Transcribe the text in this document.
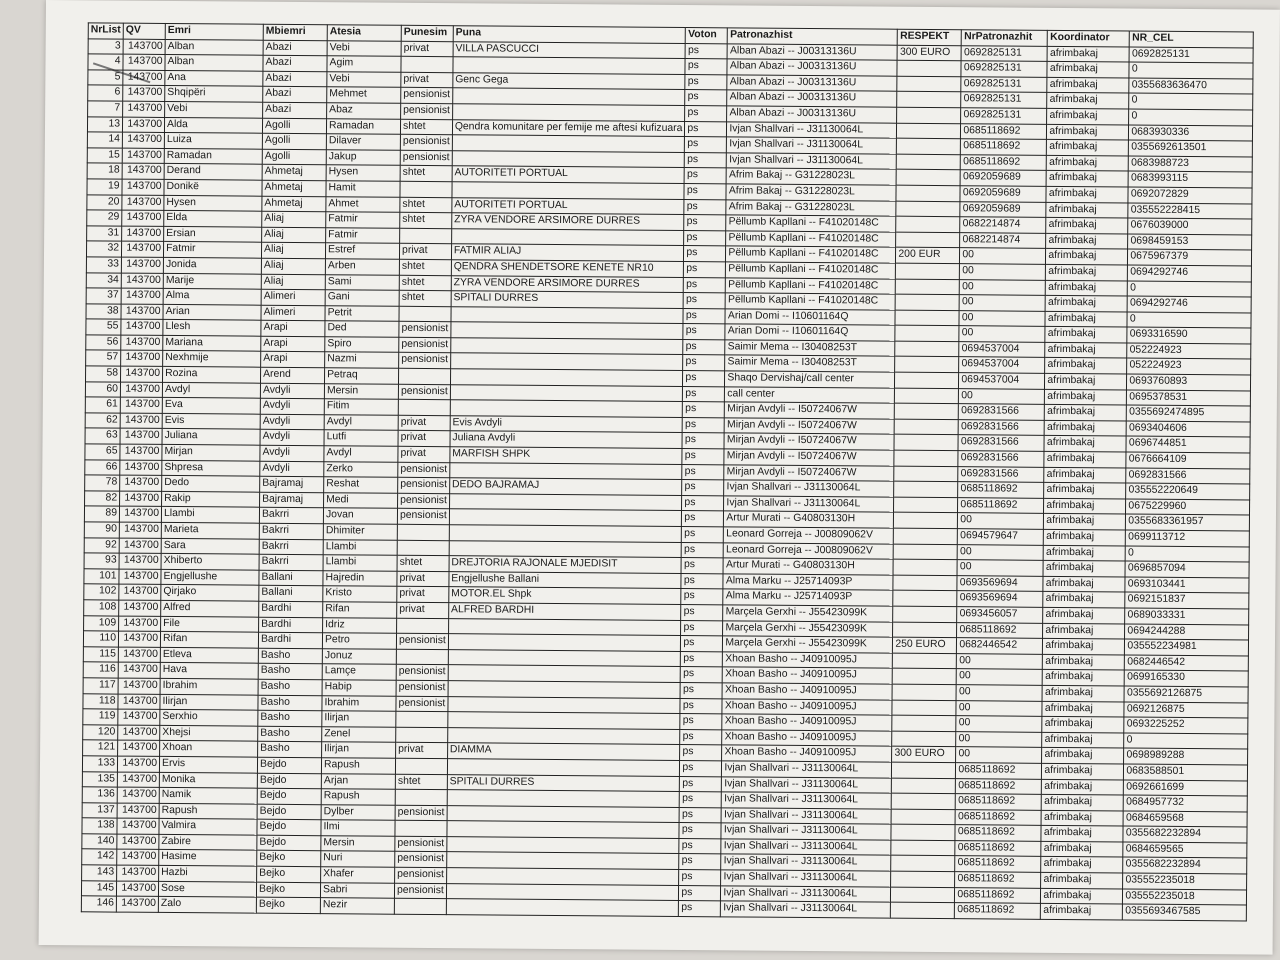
NrList	QV	Emri	Mbiemri	Atesia	Punesim	Puna	Voton	Patronazhist	RESPEKT	NrPatronazhit	Koordinator	NR_CEL
3	143700	Alban	Abazi	Vebi	privat	VILLA PASCUCCI	ps	Alban Abazi -- J00313136U	300 EURO	0692825131	afrimbakaj	0692825131
4	143700	Alban	Abazi	Agim			ps	Alban Abazi -- J00313136U		0692825131	afrimbakaj	0
5	143700	Ana	Abazi	Vebi	privat	Genc Gega	ps	Alban Abazi -- J00313136U		0692825131	afrimbakaj	0355683636470
6	143700	Shqipëri	Abazi	Mehmet	pensionist		ps	Alban Abazi -- J00313136U		0692825131	afrimbakaj	0
7	143700	Vebi	Abazi	Abaz	pensionist		ps	Alban Abazi -- J00313136U		0692825131	afrimbakaj	0
13	143700	Alda	Agolli	Ramadan	shtet	Qendra komunitare per femije me aftesi kufizuara	ps	Ivjan Shallvari -- J31130064L		0685118692	afrimbakaj	0683930336
14	143700	Luiza	Agolli	Dilaver	pensionist		ps	Ivjan Shallvari -- J31130064L		0685118692	afrimbakaj	0355692613501
15	143700	Ramadan	Agolli	Jakup	pensionist		ps	Ivjan Shallvari -- J31130064L		0685118692	afrimbakaj	0683988723
18	143700	Derand	Ahmetaj	Hysen	shtet	AUTORITETI PORTUAL	ps	Afrim Bakaj -- G31228023L		0692059689	afrimbakaj	0683993115
19	143700	Donikë	Ahmetaj	Hamit			ps	Afrim Bakaj -- G31228023L		0692059689	afrimbakaj	0692072829
20	143700	Hysen	Ahmetaj	Ahmet	shtet	AUTORITETI PORTUAL	ps	Afrim Bakaj -- G31228023L		0692059689	afrimbakaj	035552228415
29	143700	Elda	Aliaj	Fatmir	shtet	ZYRA VENDORE ARSIMORE DURRES	ps	Pëllumb Kapllani -- F41020148C		0682214874	afrimbakaj	0676039000
31	143700	Ersian	Aliaj	Fatmir			ps	Pëllumb Kapllani -- F41020148C		0682214874	afrimbakaj	0698459153
32	143700	Fatmir	Aliaj	Estref	privat	FATMIR ALIAJ	ps	Pëllumb Kapllani -- F41020148C	200 EUR	00	afrimbakaj	0675967379
33	143700	Jonida	Aliaj	Arben	shtet	QENDRA SHENDETSORE KENETE NR10	ps	Pëllumb Kapllani -- F41020148C		00	afrimbakaj	0694292746
34	143700	Marije	Aliaj	Sami	shtet	ZYRA VENDORE ARSIMORE DURRES	ps	Pëllumb Kapllani -- F41020148C		00	afrimbakaj	0
37	143700	Alma	Alimeri	Gani	shtet	SPITALI DURRES	ps	Pëllumb Kapllani -- F41020148C		00	afrimbakaj	0694292746
38	143700	Arian	Alimeri	Petrit			ps	Arian Domi -- I10601164Q		00	afrimbakaj	0
55	143700	Llesh	Arapi	Ded	pensionist		ps	Arian Domi -- I10601164Q		00	afrimbakaj	0693316590
56	143700	Mariana	Arapi	Spiro	pensionist		ps	Saimir Mema -- I30408253T		0694537004	afrimbakaj	052224923
57	143700	Nexhmije	Arapi	Nazmi	pensionist		ps	Saimir Mema -- I30408253T		0694537004	afrimbakaj	052224923
58	143700	Rozina	Arend	Petraq			ps	Shaqo Dervishaj/call center		0694537004	afrimbakaj	0693760893
60	143700	Avdyl	Avdyli	Mersin	pensionist		ps	call center		00	afrimbakaj	0695378531
61	143700	Eva	Avdyli	Fitim			ps	Mirjan Avdyli -- I50724067W		0692831566	afrimbakaj	0355692474895
62	143700	Evis	Avdyli	Avdyl	privat	Evis Avdyli	ps	Mirjan Avdyli -- I50724067W		0692831566	afrimbakaj	0693404606
63	143700	Juliana	Avdyli	Lutfi	privat	Juliana Avdyli	ps	Mirjan Avdyli -- I50724067W		0692831566	afrimbakaj	0696744851
65	143700	Mirjan	Avdyli	Avdyl	privat	MARFISH SHPK	ps	Mirjan Avdyli -- I50724067W		0692831566	afrimbakaj	0676664109
66	143700	Shpresa	Avdyli	Zerko	pensionist		ps	Mirjan Avdyli -- I50724067W		0692831566	afrimbakaj	0692831566
78	143700	Dedo	Bajramaj	Reshat	pensionist	DEDO BAJRAMAJ	ps	Ivjan Shallvari -- J31130064L		0685118692	afrimbakaj	035552220649
82	143700	Rakip	Bajramaj	Medi	pensionist		ps	Ivjan Shallvari -- J31130064L		0685118692	afrimbakaj	0675229960
89	143700	Llambi	Bakrri	Jovan	pensionist		ps	Artur Murati -- G40803130H		00	afrimbakaj	0355683361957
90	143700	Marieta	Bakrri	Dhimiter			ps	Leonard Gorreja -- J00809062V		0694579647	afrimbakaj	0699113712
92	143700	Sara	Bakrri	Llambi			ps	Leonard Gorreja -- J00809062V		00	afrimbakaj	0
93	143700	Xhiberto	Bakrri	Llambi	shtet	DREJTORIA RAJONALE MJEDISIT	ps	Artur Murati -- G40803130H		00	afrimbakaj	0696857094
101	143700	Engjellushe	Ballani	Hajredin	privat	Engjellushe Ballani	ps	Alma Marku -- J25714093P		0693569694	afrimbakaj	0693103441
102	143700	Qirjako	Ballani	Kristo	privat	MOTOR.EL Shpk	ps	Alma Marku -- J25714093P		0693569694	afrimbakaj	0692151837
108	143700	Alfred	Bardhi	Rifan	privat	ALFRED BARDHI	ps	Marçela Gerxhi -- J55423099K		0693456057	afrimbakaj	0689033331
109	143700	File	Bardhi	Idriz			ps	Marçela Gerxhi -- J55423099K		0685118692	afrimbakaj	0694244288
110	143700	Rifan	Bardhi	Petro	pensionist		ps	Marçela Gerxhi -- J55423099K	250 EURO	0682446542	afrimbakaj	035552234981
115	143700	Etleva	Basho	Jonuz			ps	Xhoan Basho -- J40910095J		00	afrimbakaj	0682446542
116	143700	Hava	Basho	Lamçe	pensionist		ps	Xhoan Basho -- J40910095J		00	afrimbakaj	0699165330
117	143700	Ibrahim	Basho	Habip	pensionist		ps	Xhoan Basho -- J40910095J		00	afrimbakaj	0355692126875
118	143700	Ilirjan	Basho	Ibrahim	pensionist		ps	Xhoan Basho -- J40910095J		00	afrimbakaj	0692126875
119	143700	Serxhio	Basho	Ilirjan			ps	Xhoan Basho -- J40910095J		00	afrimbakaj	0693225252
120	143700	Xhejsi	Basho	Zenel			ps	Xhoan Basho -- J40910095J		00	afrimbakaj	0
121	143700	Xhoan	Basho	Ilirjan	privat	DIAMMA	ps	Xhoan Basho -- J40910095J	300 EURO	00	afrimbakaj	0698989288
133	143700	Ervis	Bejdo	Rapush			ps	Ivjan Shallvari -- J31130064L		0685118692	afrimbakaj	0683588501
135	143700	Monika	Bejdo	Arjan	shtet	SPITALI DURRES	ps	Ivjan Shallvari -- J31130064L		0685118692	afrimbakaj	0692661699
136	143700	Namik	Bejdo	Rapush			ps	Ivjan Shallvari -- J31130064L		0685118692	afrimbakaj	0684957732
137	143700	Rapush	Bejdo	Dylber	pensionist		ps	Ivjan Shallvari -- J31130064L		0685118692	afrimbakaj	0684659568
138	143700	Valmira	Bejdo	Ilmi			ps	Ivjan Shallvari -- J31130064L		0685118692	afrimbakaj	0355682232894
140	143700	Zabire	Bejdo	Mersin	pensionist		ps	Ivjan Shallvari -- J31130064L		0685118692	afrimbakaj	0684659565
142	143700	Hasime	Bejko	Nuri	pensionist		ps	Ivjan Shallvari -- J31130064L		0685118692	afrimbakaj	0355682232894
143	143700	Hazbi	Bejko	Xhafer	pensionist		ps	Ivjan Shallvari -- J31130064L		0685118692	afrimbakaj	035552235018
145	143700	Sose	Bejko	Sabri	pensionist		ps	Ivjan Shallvari -- J31130064L		0685118692	afrimbakaj	035552235018
146	143700	Zalo	Bejko	Nezir			ps	Ivjan Shallvari -- J31130064L		0685118692	afrimbakaj	0355693467585
